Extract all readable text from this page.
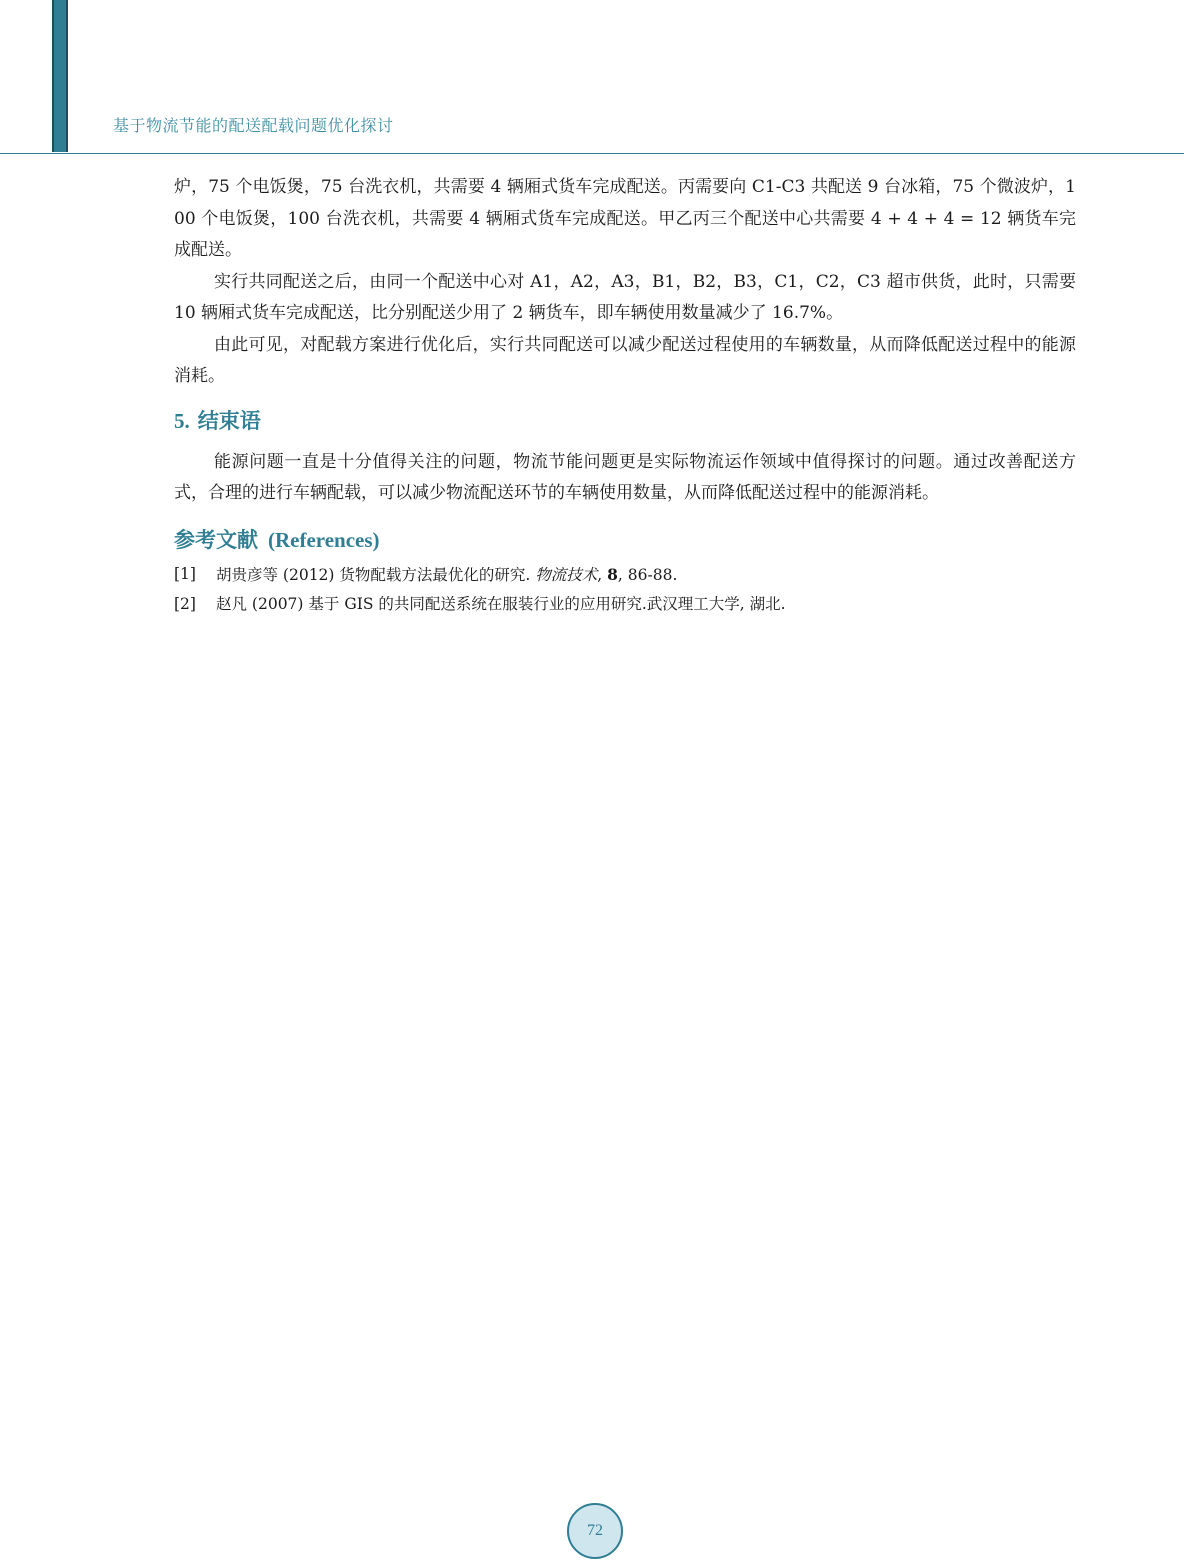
基于物流节能的配送配载问题优化探讨

炉，75 个电饭煲，75 台洗衣机，共需要 4 辆厢式货车完成配送。丙需要向 C1-C3 共配送 9 台冰箱，75 个微波炉，100 个电饭煲，100 台洗衣机，共需要 4 辆厢式货车完成配送。甲乙丙三个配送中心共需要 4 + 4 + 4 = 12 辆货车完成配送。

实行共同配送之后，由同一个配送中心对 A1，A2，A3，B1，B2，B3，C1，C2，C3 超市供货，此时，只需要 10 辆厢式货车完成配送，比分别配送少用了 2 辆货车，即车辆使用数量减少了 16.7%。

由此可见，对配载方案进行优化后，实行共同配送可以减少配送过程使用的车辆数量，从而降低配送过程中的能源消耗。

5. 结束语

能源问题一直是十分值得关注的问题，物流节能问题更是实际物流运作领域中值得探讨的问题。通过改善配送方式，合理的进行车辆配载，可以减少物流配送环节的车辆使用数量，从而降低配送过程中的能源消耗。

参考文献 (References)
[1]	胡贵彦等 (2012) 货物配载方法最优化的研究. 物流技术, 8, 86-88.
[2]	赵凡 (2007) 基于 GIS 的共同配送系统在服装行业的应用研究.武汉理工大学, 湖北.
72
